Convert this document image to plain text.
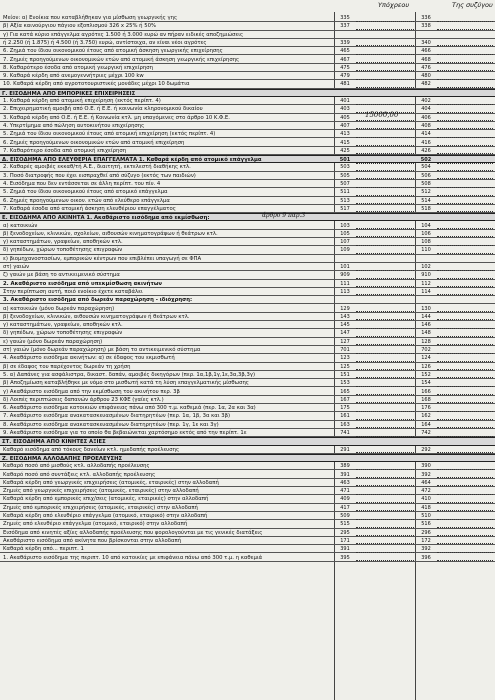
Υπόχρεου	Της συζύγου
Μείον: α) Ενοίκια που καταβλήθηκαν για μίσθωση γεωργικής γης	335	336
β) Αξία καινούργιου πάγιου εξοπλισμού 326 x 25% ή 50%	337	338
γ) Για κατά κύριο επάγγελμα αγρότες 1.500 ή 3.000 ευρώ αν πήραν ειδικές αποζημιώσεις
ή 2.250 (ή 1.875) ή 4.500 (ή 3.750) ευρώ, αντίστοιχα, αν είναι νέοι αγρότες	339	340
6. Ζημιά του ίδιου οικονομικού έτους από ατομική άσκηση γεωργικής επιχείρησης	465	466
7. Ζημιές προηγούμενων οικονομικών ετών από ατομική άσκηση γεωργικής επιχείρησης	467	468
8. Καθαρότερο έσοδα από ατομική γεωργική επιχείρηση	475	476
9. Καθαρά κέρδη από ανεμογεννήτριες μέχρι 100 kw	479	480
10. Καθαρά κέρδη από αγροτοτουριστικές μονάδες μέχρι 10 δωμάτια	481	482
Γ. ΕΙΣΟΔΗΜΑ ΑΠΟ ΕΜΠΟΡΙΚΕΣ ΕΠΙΧΕΙΡΗΣΕΙΣ
1. Καθαρά κέρδη από ατομική επιχείρηση (εκτός περίπτ. 4)	401	402
2. Επιχειρηματική αμοιβή από Ο.Ε. ή Ε.Ε. ή κοινωνία κληρονομικού δικαίου	403	404
3. Καθαρά κέρδη από Ο.Ε. ή Ε.Ε. ή Κοινωνία κτλ. μη υπαγόμενες στο άρθρο 10 Κ.Φ.Ε.	405	406
4. Υπερτίμημα από πώληση αυτοκινήτου επιχείρησης	407	408
5. Ζημιά του ίδιου οικονομικού έτους από ατομική επιχείρηση (εκτός περίπτ. 4)	413	414
6. Ζημιές προηγούμενων οικονομικών ετών από ατομική επιχείρηση	415	416
7. Καθαρότερο έσοδα από ατομική επιχείρηση	425	426
Δ. ΕΙΣΟΔΗΜΑ ΑΠΟ ΕΛΕΥΘΕΡΙΑ ΕΠΑΓΓΕΛΜΑΤΑ 1. Καθαρά κέρδη από ατομικό επάγγελμα	501	502
2. Καθαρές αμοιβές εκκαθ/τή Α.Ε., διαιτητή, εκτελεστή διαθήκης κτλ.	503	504
3. Ποσό διατροφής που έχει εισπραχθεί από σύζυγο (εκτός των παιδιών)	505	506
4. Εισόδημα που δεν εντάσσεται σε άλλη περίπτ. του πίν. 4	507	508
5. Ζημιά του ίδιου οικονομικού έτους από ατομικό επάγγελμα	511	512
6. Ζημιές προηγούμενων οικον. ετών από ελεύθερο επάγγελμα	513	514
7. Καθαρά έσοδα από ατομική άσκηση ελευθέριου επαγγέλματος	517	518
Ε. ΕΙΣΟΔΗΜΑ ΑΠΟ ΑΚΙΝΗΤΑ 1. Ακαθάριστο εισόδημα από εκμίσθωση:
α) κατοικιών	103	104
β) ξενοδοχείων, κλινικών, σχολείων, αιθουσών κινηματογράφων ή θεάτρων κτλ.	105	106
γ) καταστημάτων, γραφείων, αποθηκών κτλ.	107	108
δ) γηπέδων, χώρων τοποθέτησης επιγραφών	109	110
ε) βιομηχανοστασίων, εμπορικών κέντρων που επιβλέπει υπαγωγή σε ΦΠΑ
στ) γαιών	101	102
ζ) γαιών με βάση το αντικειμενικό σύστημα	909	910
2. Ακαθάριστο εισόδημα από υπεκμίσθωση ακινήτων	111	112
Στην περίπτωση αυτή, ποιό ενοίκιο έχετε καταβάλει	113	114
3. Ακαθάριστο εισόδημα από δωρεάν παραχώρηση - ιδιόχρηση:
α) κατοικιών (μόνο δωρεάν παραχώρηση)	129	130
β) ξενοδοχείων, κλινικών, αιθουσών κινηματογράφων ή θεάτρων κτλ.	143	144
γ) καταστημάτων, γραφείων, αποθηκών κτλ.	145	146
δ) γηπέδων, χώρων τοποθέτησης επιγραφών	147	148
ε) γαιών (μόνο δωρεάν παραχώρηση)	127	128
στ) γαιών (μόνο δωρεάν παραχώρηση) με βάση το αντικειμενικό σύστημα	701	702
4. Ακαθάριστο εισόδημα ακινήτων: α) σε έδαφος του εκμισθωτή	123	124
β) σε έδαφος του παρέχοντος δωρεάν τη χρήση	125	126
5. α) Δαπάνες για ασφάλιστρα, δικαστ. δαπάν, αμοιβές δικηγόρων (περ. 1α,1β,1γ,1ε,3α,3β,3γ)	151	152
β) Αποζημίωση καταβλήθηκε με νόμο στο μισθωτή κατά τη λύση επαγγελματικής μίσθωσης	153	154
γ) Ακαθάριστο εισόδημα από την εκμίσθωση του ακινήτου περ. 3β	165	166
δ) Λοιπές περιπτώσεις δαπανών άρθρου 23 ΚΦΕ (γαίες κτλ.)	167	168
6. Ακαθάριστο εισόδημα κατοικιών επιφάνειας πάνω από 300 τ.μ. καθεμιά (περ. 1α, 2α και 3α)	175	176
7. Ακαθάριστο εισόδημα ανακατασκευασμένων διατηρητέων (περ. 1α, 1β, 3α και 3β)	161	162
8. Ακαθάριστο εισόδημα ανακατασκευασμένων διατηρητέων (περ. 1γ, 1ε και 3γ)	163	164
9. Ακαθάριστο εισόδημα για το οποίο θα βεβαιώνεται χαρτόσημο εκτός από την περίπτ. 1ε	741	742
ΣΤ. ΕΙΣΟΔΗΜΑ ΑΠΟ ΚΙΝΗΤΕΣ ΑΞΙΕΣ
Καθαρό εισόδημα από τόκους δανείων κτλ. ημεδαπής προέλευσης	291	292
Ζ. ΕΙΣΟΔΗΜΑ ΑΛΛΟΔΑΠΗΣ ΠΡΟΕΛΕΥΣΗΣ
Καθαρό ποσό από μισθούς κτλ. αλλοδαπής προέλευσης	389	390
Καθαρό ποσό από συντάξεις κτλ. αλλοδαπής προέλευσης	391	392
Καθαρά κέρδη από γεωργικές επιχειρήσεις (ατομικές, εταιρικές) στην αλλοδαπή	463	464
Ζημιές από γεωργικές επιχειρήσεις (ατομικές, εταιρικές) στην αλλοδαπή	471	472
Καθαρά κέρδη από εμπορικές επιχ/σεις (ατομικές, εταιρικές) στην αλλοδαπή	409	410
Ζημιές από εμπορικές επιχειρήσεις (ατομικές, εταιρικές) στην αλλοδαπή	417	418
Καθαρά κέρδη από ελευθέριο επάγγελμα (ατομικό, εταιρικό) στην αλλοδαπή	509	510
Ζημιές από ελευθέριο επάγγελμα (ατομικό, εταιρικό) στην αλλοδαπή	515	516
Εισόδημα από κινητές αξίες αλλοδαπής προέλευσης που φορολογούνται με τις γενικές διατάξεις	295	296
Ακαθάριστο εισόδημα από ακίνητα που βρίσκονται στην αλλοδαπή	171	172
Καθαρά κέρδη από... περιπτ. 1	391	392
1. Ακαθάριστο εισόδημα της περιπτ. 10 από κατοικίες με επιφάνεια πάνω από 300 τ.μ. η καθεμιά	395	396
15000,00
άρθρο 9 παρ.3
